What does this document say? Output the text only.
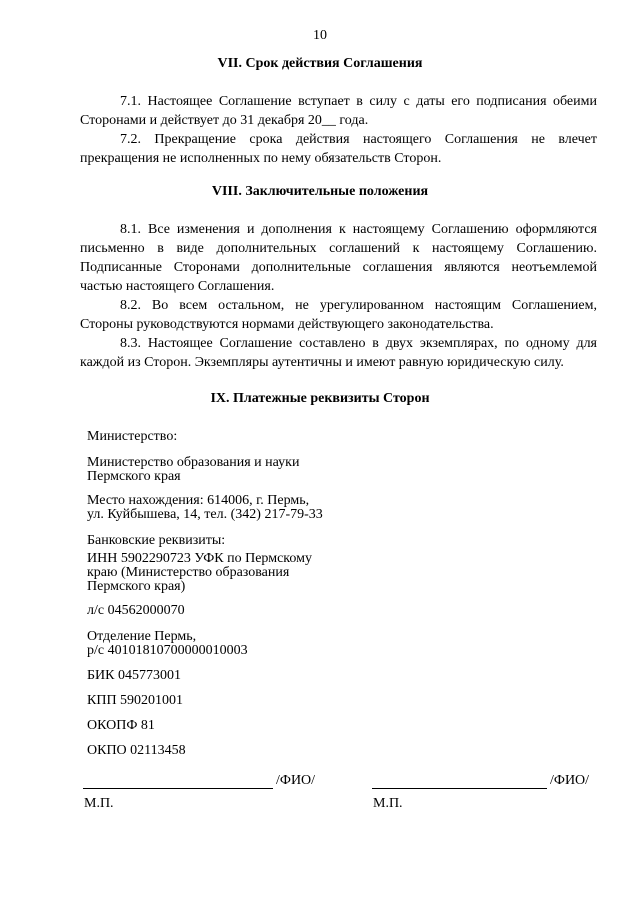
10
VII. Срок действия Соглашения

7.1. Настоящее Соглашение вступает в силу с даты его подписания обеими Сторонами и действует до 31 декабря 20__ года.

7.2. Прекращение срока действия настоящего Соглашения не влечет прекращения не исполненных по нему обязательств Сторон.

VIII. Заключительные положения

8.1. Все изменения и дополнения к настоящему Соглашению оформляются письменно в виде дополнительных соглашений к настоящему Соглашению. Подписанные Сторонами дополнительные соглашения являются неотъемлемой частью настоящего Соглашения.

8.2. Во всем остальном, не урегулированном настоящим Соглашением, Стороны руководствуются нормами действующего законодательства.

8.3. Настоящее Соглашение составлено в двух экземплярах, по одному для каждой из Сторон. Экземпляры аутентичны и имеют равную юридическую силу.

IX. Платежные реквизиты Сторон
Министерство:
Министерство образования и науки
Пермского края
Место нахождения: 614006, г. Пермь,
ул. Куйбышева, 14, тел. (342) 217-79-33
Банковские реквизиты:
ИНН 5902290723 УФК по Пермскому
краю (Министерство образования
Пермского края)
л/с 04562000070
Отделение Пермь,
р/с 40101810700000010003
БИК 045773001
КПП 590201001
ОКОПФ 81
ОКПО 02113458
/ФИО/	/ФИО/
М.П.	М.П.
